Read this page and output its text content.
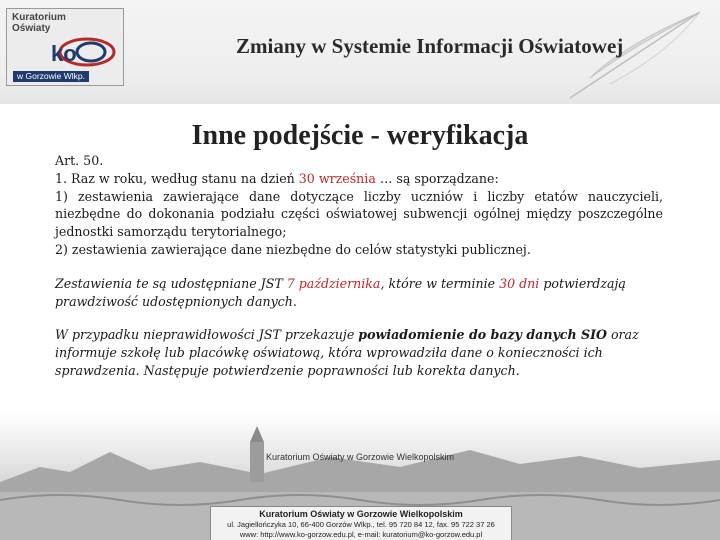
Kuratorium
Oświaty
ko
w Gorzowie Wlkp.
Zmiany w Systemie Informacji Oświatowej
Inne podejście - weryfikacja

Art. 50.

1. Raz w roku, według stanu na dzień 30 września … są sporządzane:

1) zestawienia zawierające dane dotyczące liczby uczniów i liczby etatów nauczycieli, niezbędne do dokonania podziału części oświatowej subwencji ogólnej między poszczególne jednostki samorządu terytorialnego;

2) zestawienia zawierające dane niezbędne do celów statystyki publicznej.

Zestawienia te są udostępniane JST 7 października, które w terminie 30 dni potwierdzają prawdziwość udostępnionych danych.

W przypadku nieprawidłowości JST przekazuje powiadomienie do bazy danych SIO oraz informuje szkołę lub placówkę oświatową, która wprowadziła dane o konieczności ich sprawdzenia. Następuje potwierdzenie poprawności lub korekta danych.

Kuratorium Oświaty w Gorzowie Wielkopolskim
Kuratorium Oświaty w Gorzowie Wielkopolskim
ul. Jagiellończyka 10, 66-400 Gorzów Wlkp., tel. 95 720 84 12, fax. 95 722 37 26
www: http://www.ko-gorzow.edu.pl, e-mail: kuratorium@ko-gorzow.edu.pl
